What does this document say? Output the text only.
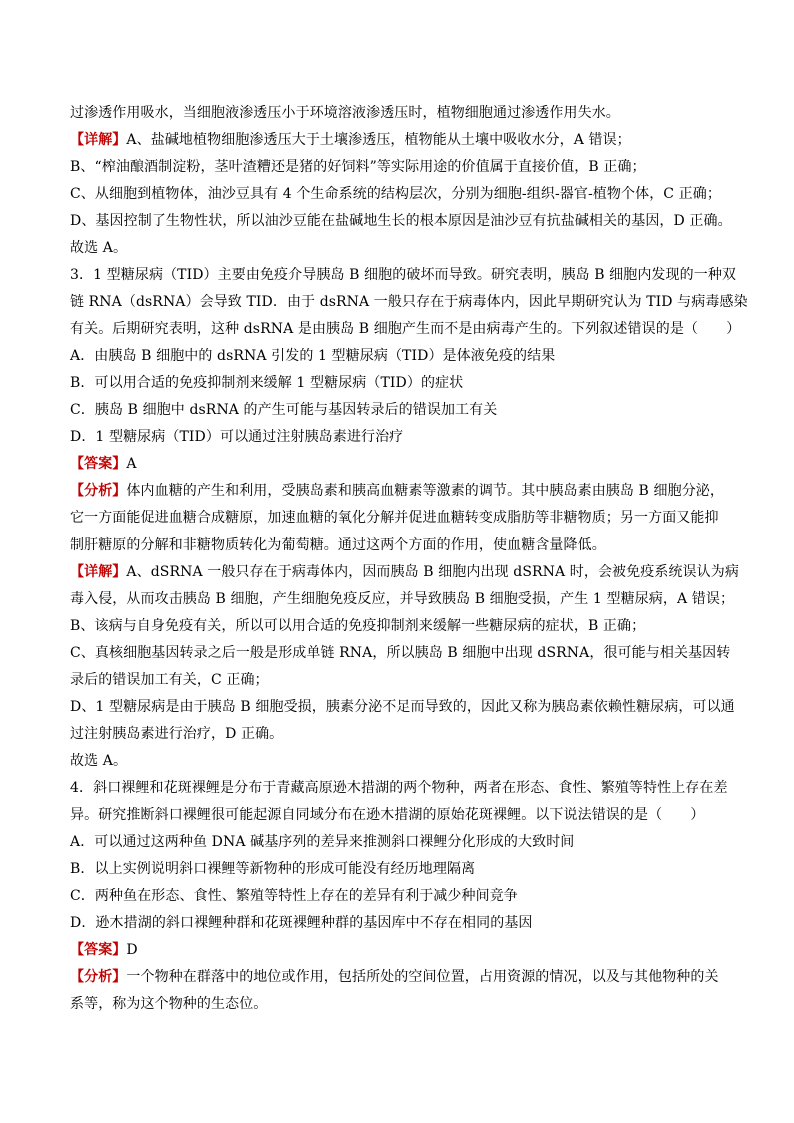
过渗透作用吸水，当细胞液渗透压小于环境溶液渗透压时，植物细胞通过渗透作用失水。
【详解】A、盐碱地植物细胞渗透压大于土壤渗透压，植物能从土壤中吸收水分，A 错误；
B、“榨油酿酒制淀粉，茎叶渣糟还是猪的好饲料”等实际用途的价值属于直接价值，B 正确；
C、从细胞到植物体，油沙豆具有 4 个生命系统的结构层次，分别为细胞-组织-器官-植物个体，C 正确；
D、基因控制了生物性状，所以油沙豆能在盐碱地生长的根本原因是油沙豆有抗盐碱相关的基因，D 正确。
故选 A。
3．1 型糖尿病（TID）主要由免疫介导胰岛 B 细胞的破坏而导致。研究表明，胰岛 B 细胞内发现的一种双
链 RNA（dsRNA）会导致 TID．由于 dsRNA 一般只存在于病毒体内，因此早期研究认为 TID 与病毒感染
有关。后期研究表明，这种 dsRNA 是由胰岛 B 细胞产生而不是由病毒产生的。下列叙述错误的是（　　）
A．由胰岛 B 细胞中的 dsRNA 引发的 1 型糖尿病（TID）是体液免疫的结果
B．可以用合适的免疫抑制剂来缓解 1 型糖尿病（TID）的症状
C．胰岛 B 细胞中 dsRNA 的产生可能与基因转录后的错误加工有关
D．1 型糖尿病（TID）可以通过注射胰岛素进行治疗
【答案】A
【分析】体内血糖的产生和利用，受胰岛素和胰高血糖素等激素的调节。其中胰岛素由胰岛 B 细胞分泌，
它一方面能促进血糖合成糖原，加速血糖的氧化分解并促进血糖转变成脂肪等非糖物质；另一方面又能抑
制肝糖原的分解和非糖物质转化为葡萄糖。通过这两个方面的作用，使血糖含量降低。
【详解】A、dSRNA 一般只存在于病毒体内，因而胰岛 B 细胞内出现 dSRNA 时，会被免疫系统误认为病
毒入侵，从而攻击胰岛 B 细胞，产生细胞免疫反应，并导致胰岛 B 细胞受损，产生 1 型糖尿病，A 错误；
B、该病与自身免疫有关，所以可以用合适的免疫抑制剂来缓解一些糖尿病的症状，B 正确；
C、真核细胞基因转录之后一般是形成单链 RNA，所以胰岛 B 细胞中出现 dSRNA，很可能与相关基因转
录后的错误加工有关，C 正确；
D、1 型糖尿病是由于胰岛 B 细胞受损，胰素分泌不足而导致的，因此又称为胰岛素依赖性糖尿病，可以通
过注射胰岛素进行治疗，D 正确。
故选 A。
4．斜口裸鲤和花斑裸鲤是分布于青藏高原逊木措湖的两个物种，两者在形态、食性、繁殖等特性上存在差
异。研究推断斜口裸鲤很可能起源自同域分布在逊木措湖的原始花斑裸鲤。以下说法错误的是（　　）
A．可以通过这两种鱼 DNA 碱基序列的差异来推测斜口裸鲤分化形成的大致时间
B．以上实例说明斜口裸鲤等新物种的形成可能没有经历地理隔离
C．两种鱼在形态、食性、繁殖等特性上存在的差异有利于减少种间竞争
D．逊木措湖的斜口裸鲤种群和花斑裸鲤种群的基因库中不存在相同的基因
【答案】D
【分析】一个物种在群落中的地位或作用，包括所处的空间位置，占用资源的情况，以及与其他物种的关
系等，称为这个物种的生态位。
